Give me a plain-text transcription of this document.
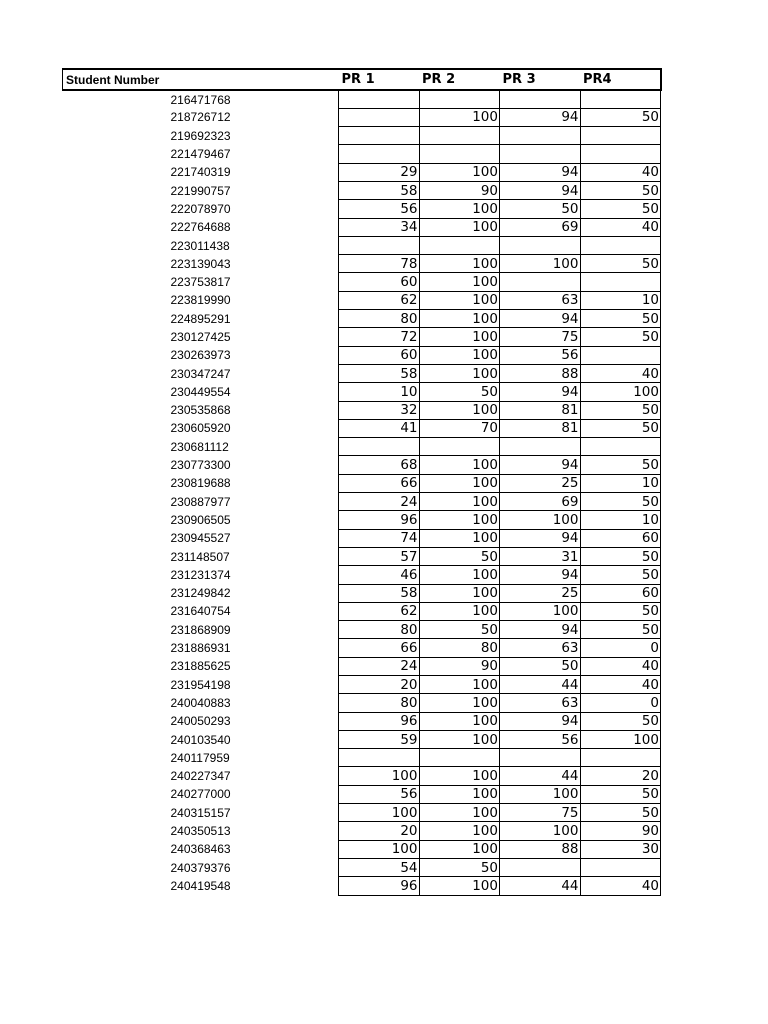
Student Number	PR 1	PR 2	PR 3	PR4
216471768				
218726712		100	94	50
219692323				
221479467				
221740319	29	100	94	40
221990757	58	90	94	50
222078970	56	100	50	50
222764688	34	100	69	40
223011438				
223139043	78	100	100	50
223753817	60	100		
223819990	62	100	63	10
224895291	80	100	94	50
230127425	72	100	75	50
230263973	60	100	56	
230347247	58	100	88	40
230449554	10	50	94	100
230535868	32	100	81	50
230605920	41	70	81	50
230681112				
230773300	68	100	94	50
230819688	66	100	25	10
230887977	24	100	69	50
230906505	96	100	100	10
230945527	74	100	94	60
231148507	57	50	31	50
231231374	46	100	94	50
231249842	58	100	25	60
231640754	62	100	100	50
231868909	80	50	94	50
231886931	66	80	63	0
231885625	24	90	50	40
231954198	20	100	44	40
240040883	80	100	63	0
240050293	96	100	94	50
240103540	59	100	56	100
240117959				
240227347	100	100	44	20
240277000	56	100	100	50
240315157	100	100	75	50
240350513	20	100	100	90
240368463	100	100	88	30
240379376	54	50		
240419548	96	100	44	40
